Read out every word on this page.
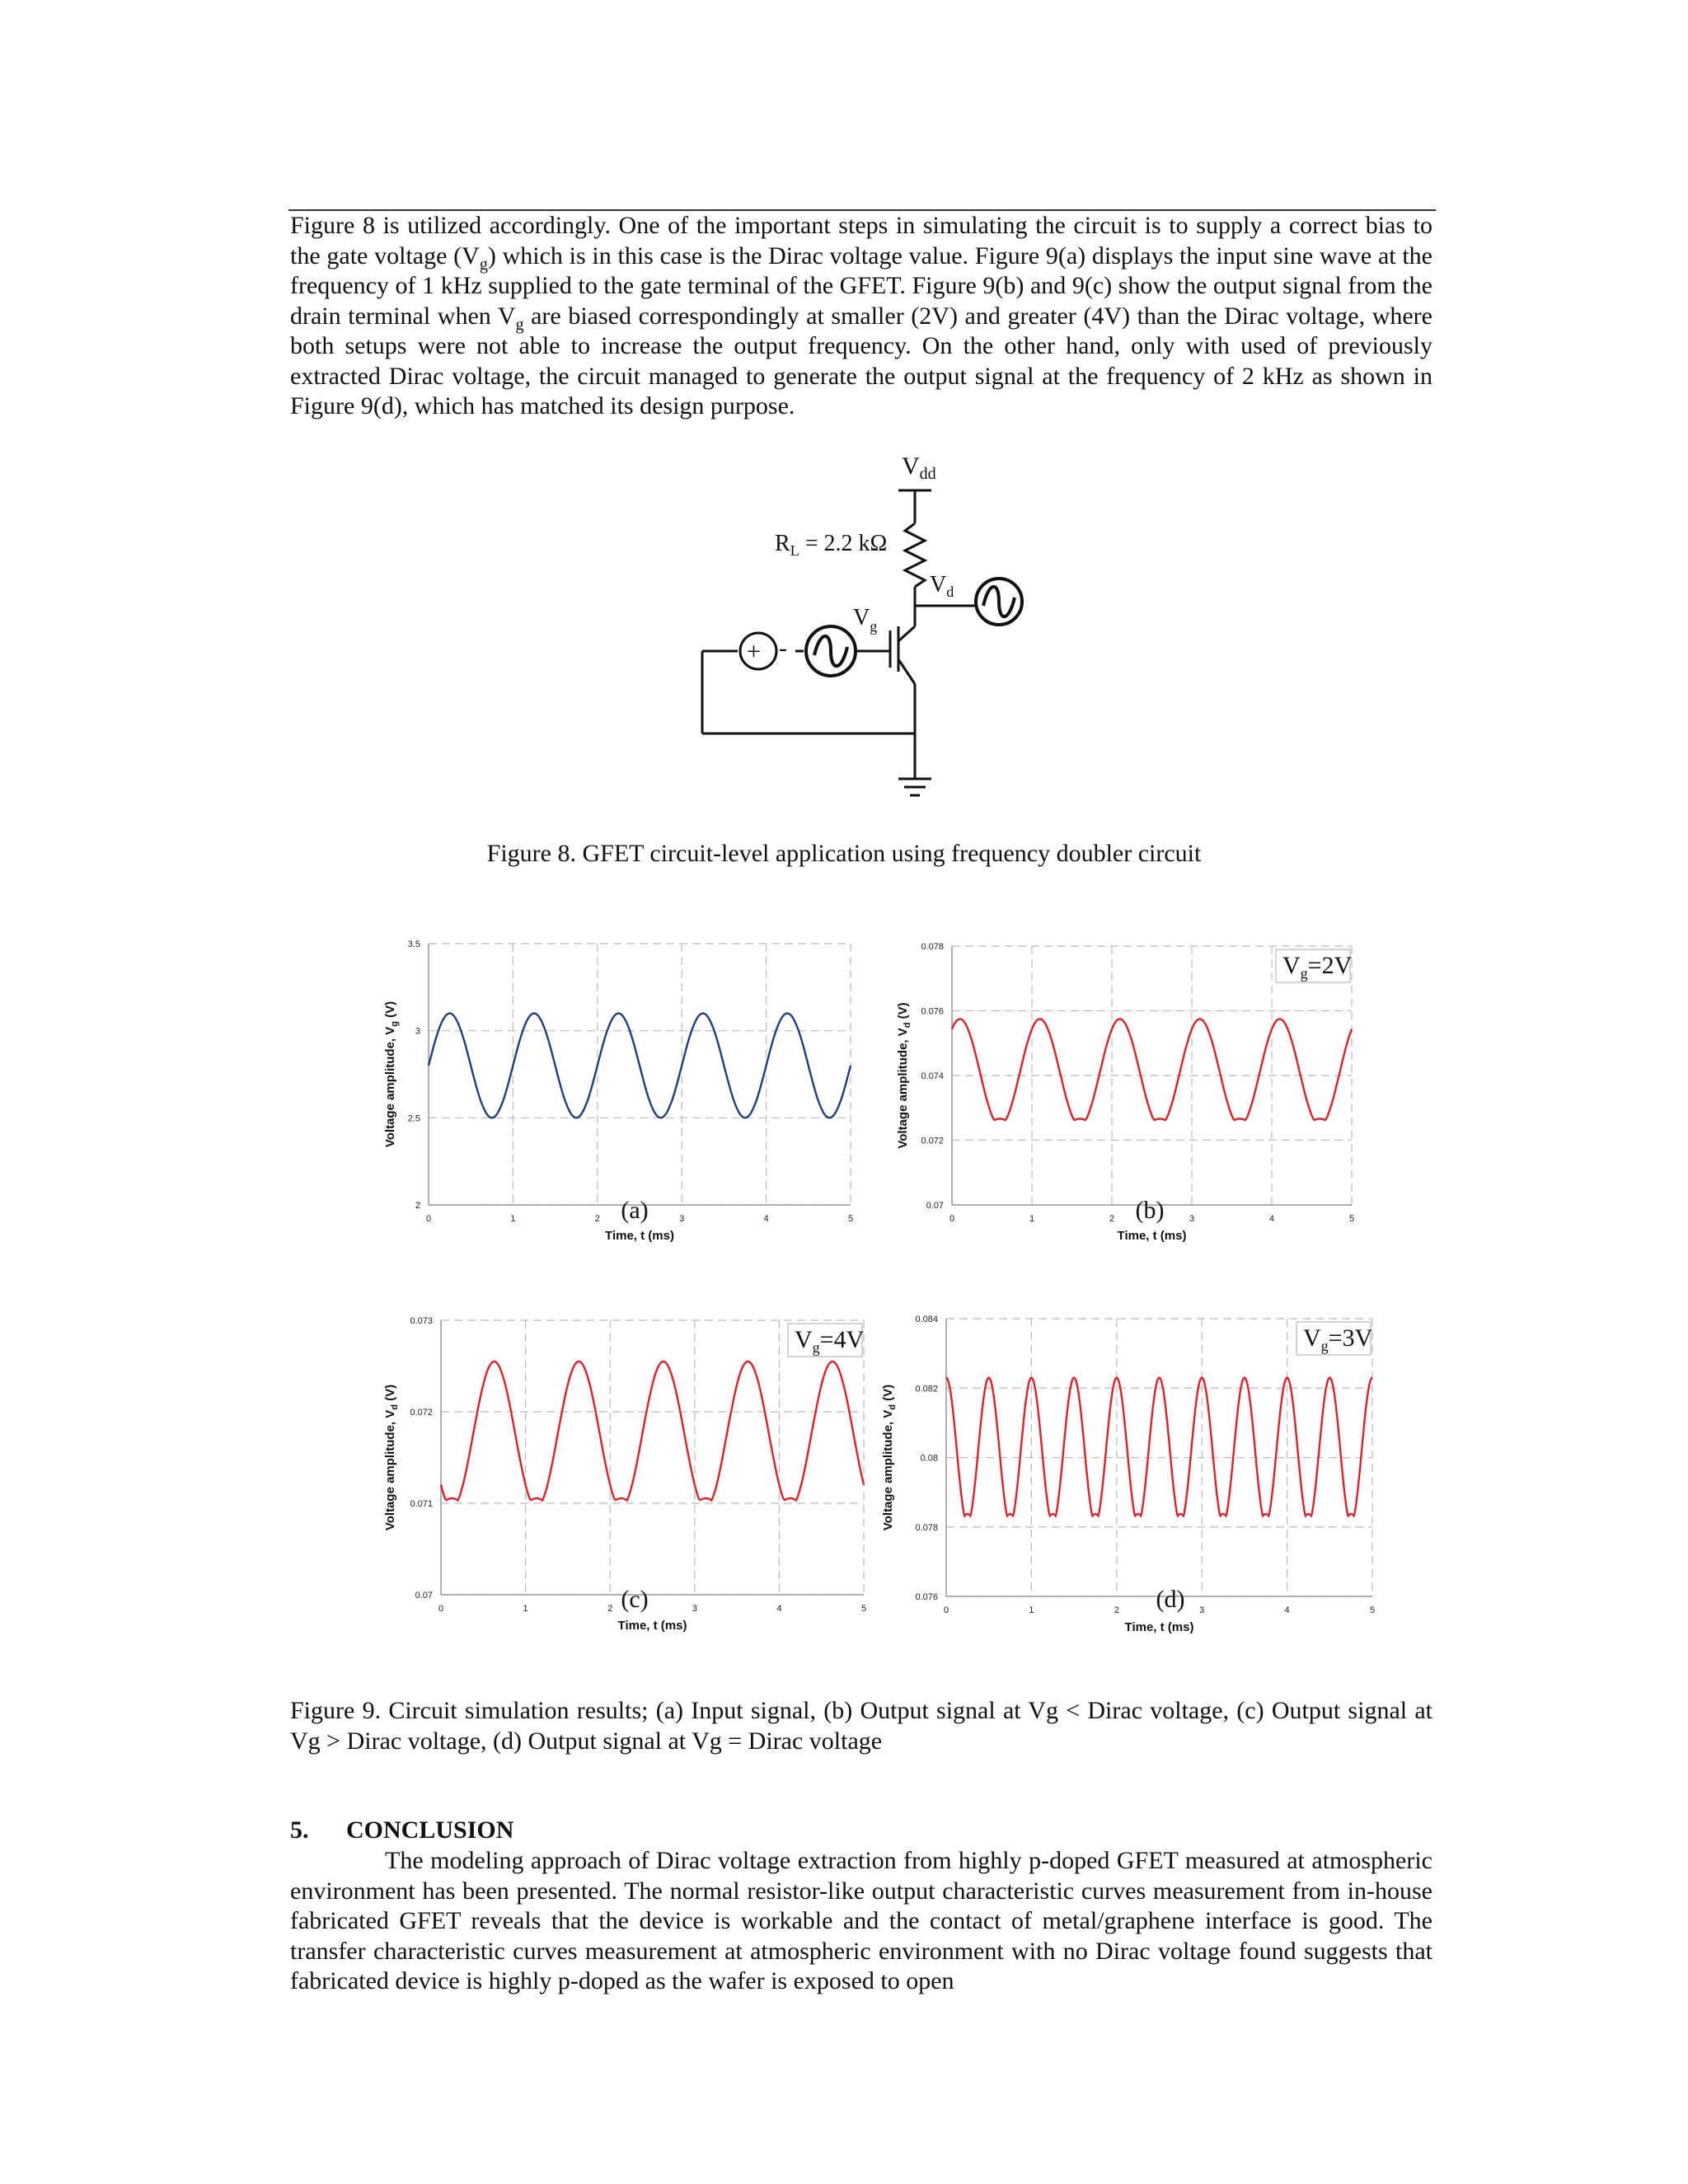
Figure 8 is utilized accordingly. One of the important steps in simulating the circuit is to supply a correct bias to the gate voltage $(V_g)$ which is in this case is the Dirac voltage value. Figure 9(a) displays the input sine wave at the frequency of 1 kHz supplied to the gate terminal of the GFET. Figure 9(b) and 9(c) show the output signal from the drain terminal when $V_g$ are biased correspondingly at smaller (2V) and greater (4V) than the Dirac voltage, where both setups were not able to increase the output frequency. On the other hand, only with used of previously extracted Dirac voltage, the circuit managed to generate the output signal at the frequency of 2 kHz as shown in Figure 9(d), which has matched its design purpose.

$V_{dd}$
$R_L = 2.2$ kΩ
$V_d$
$V_g$
+ -
Figure 8. GFET circuit-level application using frequency doubler circuit
0	1	2	3	4	5
2
2.5
3
3.5
Time, t (ms)
Voltage amplitude, $V_g$ (V)
(a)	0	1	2	3	4	5
0.07
0.072
0.074
0.076
0.078
Time, t (ms)
Voltage amplitude, $V_d$ (V)
(b)
$V_g=2V$
0	1	2	3	4	5
0.07
0.071
0.072
0.073
Time, t (ms)
Voltage amplitude, $V_d$ (V)
(c)
$V_g=4V$
0	1	2	3	4	5
0.076
0.078
0.08
0.082
0.084
Time, t (ms)
Voltage amplitude, $V_d$ (V)
(d)
$V_g=3V$
Figure 9. Circuit simulation results; (a) Input signal, (b) Output signal at Vg < Dirac voltage, (c) Output signal at Vg > Dirac voltage, (d) Output signal at Vg = Dirac voltage
5. CONCLUSION

The modeling approach of Dirac voltage extraction from highly p-doped GFET measured at atmospheric environment has been presented. The normal resistor-like output characteristic curves measurement from in-house fabricated GFET reveals that the device is workable and the contact of metal/graphene interface is good. The transfer characteristic curves measurement at atmospheric environment with no Dirac voltage found suggests that fabricated device is highly p-doped as the wafer is exposed to open
